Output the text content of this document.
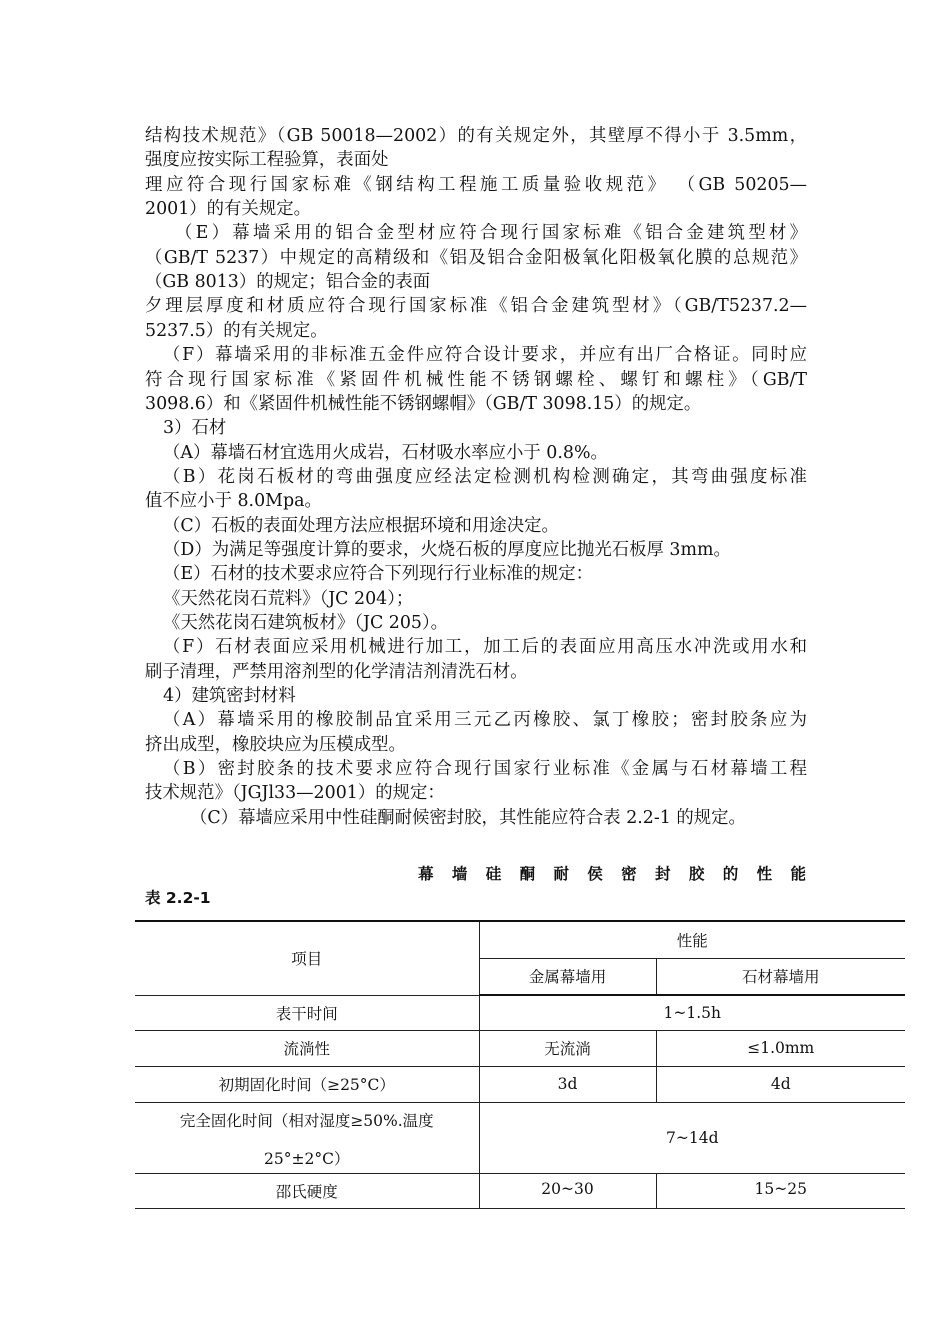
结构技术规范》（GB 50018—2002）的有关规定外，其壁厚不得小于 3.5mm，
强度应按实际工程验算，表面处
理应符合现行国家标难《钢结构工程施工质量验收规范》 （GB 50205—
2001）的有关规定。
（E）幕墙采用的铝合金型材应符合现行国家标难《铝合金建筑型材》
（GB/T 5237）中规定的高精级和《铝及铝合金阳极氧化阳极氧化膜的总规范》
（GB 8013）的规定；铝合金的表面
夕理层厚度和材质应符合现行国家标准《铝合金建筑型材》（GB/T5237.2—
5237.5）的有关规定。
（F）幕墙采用的非标准五金件应符合设计要求，并应有出厂合格证。同时应
符合现行国家标准《紧固件机械性能不锈钢螺栓、螺钉和螺柱》（GB/T
3098.6）和《紧固件机械性能不锈钢螺帽》（GB/T 3098.15）的规定。
3）石材
（A）幕墙石材宜选用火成岩，石材吸水率应小于 0.8%。
（B）花岗石板材的弯曲强度应经法定检测机构检测确定，其弯曲强度标准
值不应小于 8.0Mpa。
（C）石板的表面处理方法应根据环境和用途决定。
（D）为满足等强度计算的要求，火烧石板的厚度应比抛光石板厚 3mm。
（E）石材的技术要求应符合下列现行行业标准的规定：
《天然花岗石荒料》（JC 204）；
《天然花岗石建筑板材》（JC 205）。
（F）石材表面应采用机械进行加工，加工后的表面应用高压水冲洗或用水和
刷子清理，严禁用溶剂型的化学清洁剂清洗石材。
4）建筑密封材料
（A）幕墙采用的橡胶制品宜采用三元乙丙橡胶、氯丁橡胶；密封胶条应为
挤出成型，橡胶块应为压模成型。
（B）密封胶条的技术要求应符合现行国家行业标准《金属与石材幕墙工程
技术规范》（JGJl33—2001）的规定：
（C）幕墙应采用中性硅酮耐候密封胶，其性能应符合表 2.2-1 的规定。
幕墙硅酮耐侯密封胶的性能
表 2.2-1
项目	性能	
	金属幕墙用	石材幕墙用
表干时间	1~1.5h	
流淌性	无流淌	≤1.0mm
初期固化时间（≥25°C）	3d	4d

完全固化时间（相对湿度≥50%.温度
25°±2°C）	7~14d	
邵氏硬度	20~30	15~25
